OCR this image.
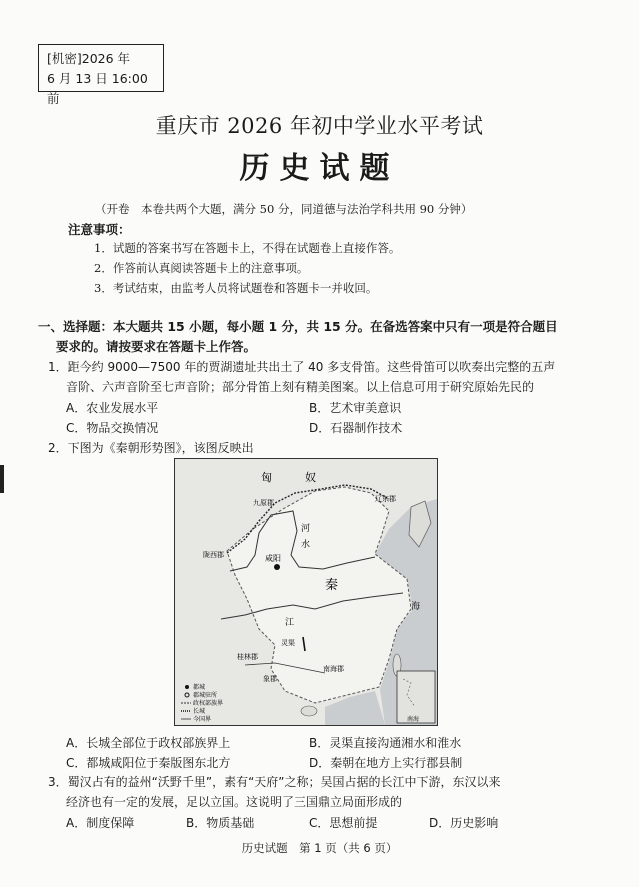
[机密]2026 年
6 月 13 日 16:00 前
重庆市 2026 年初中学业水平考试
历史试题
（开卷　本卷共两个大题，满分 50 分，同道德与法治学科共用 90 分钟）
注意事项：
1．试题的答案书写在答题卡上，不得在试题卷上直接作答。
2．作答前认真阅读答题卡上的注意事项。
3．考试结束，由监考人员将试题卷和答题卡一并收回。
一、选择题：本大题共 15 小题，每小题 1 分，共 15 分。在备选答案中只有一项是符合题目
要求的。请按要求在答题卡上作答。
1．距今约 9000—7500 年的贾湖遗址共出土了 40 多支骨笛。这些骨笛可以吹奏出完整的五声
音阶、六声音阶至七声音阶；部分骨笛上刻有精美图案。以上信息可用于研究原始先民的
A．农业发展水平	B．艺术审美意识
C．物品交换情况	D．石器制作技术
2．下图为《秦朝形势图》，该图反映出
匈	奴
九原郡	辽东郡
陇西郡	咸阳
秦
河
水
江
灵渠
桂林郡
南海郡
象郡
海
南海
都城
郡城驻所
政权部族界
长城
今国界
A．长城全部位于政权部族界上	B．灵渠直接沟通湘水和淮水
C．都城咸阳位于秦版图东北方	D．秦朝在地方上实行郡县制
3．蜀汉占有的益州“沃野千里”，素有“天府”之称；吴国占据的长江中下游，东汉以来
经济也有一定的发展，足以立国。这说明了三国鼎立局面形成的
A．制度保障	B．物质基础	C．思想前提	D．历史影响
历史试题　第 1 页（共 6 页）
